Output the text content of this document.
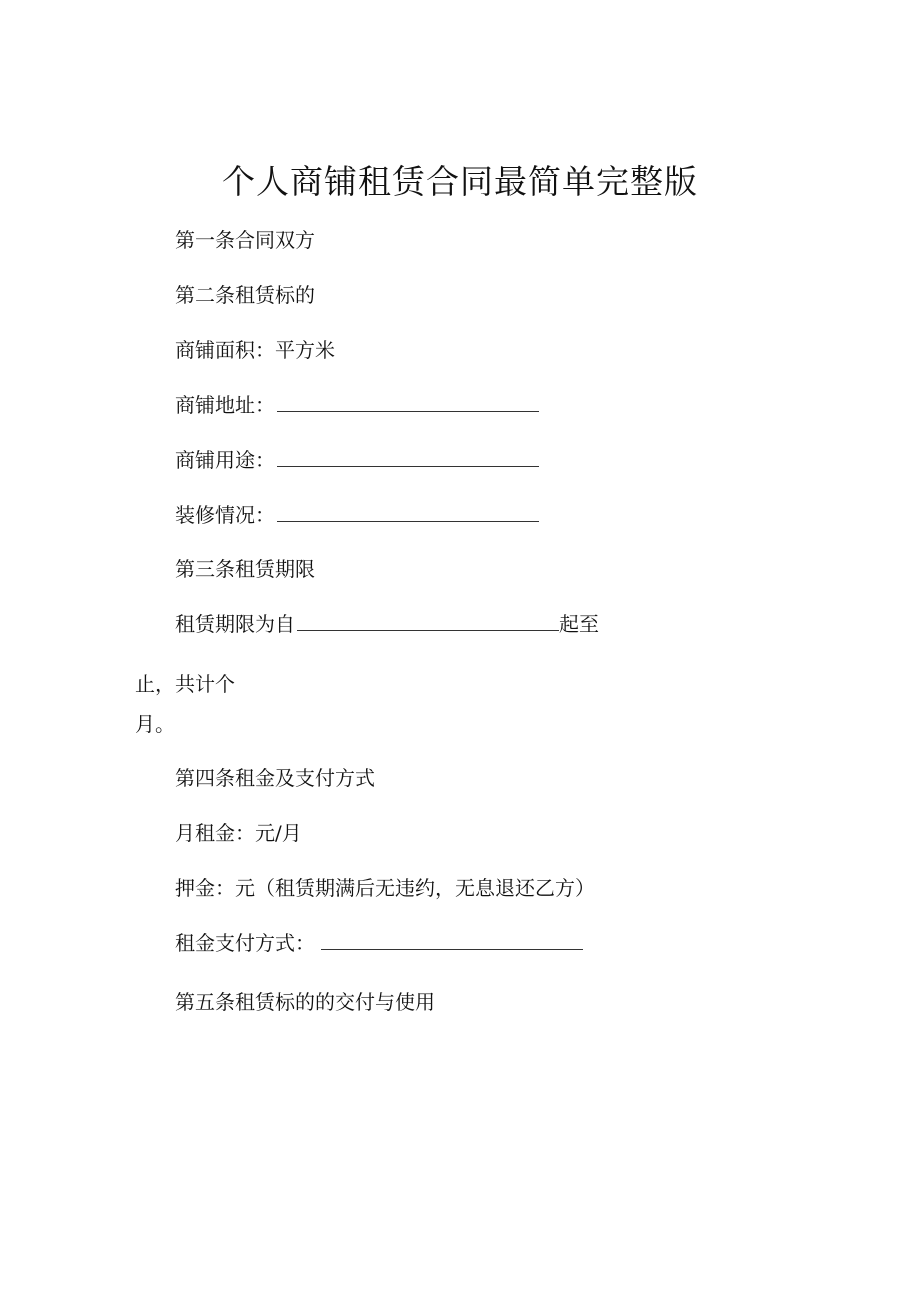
个人商铺租赁合同最简单完整版
第一条合同双方
第二条租赁标的
商铺面积：平方米
商铺地址：
商铺用途：
装修情况：
第三条租赁期限
租赁期限为自	起至
止，共计个
月。
第四条租金及支付方式
月租金：元/月
押金：元（租赁期满后无违约，无息退还乙方）
租金支付方式：
第五条租赁标的的交付与使用
